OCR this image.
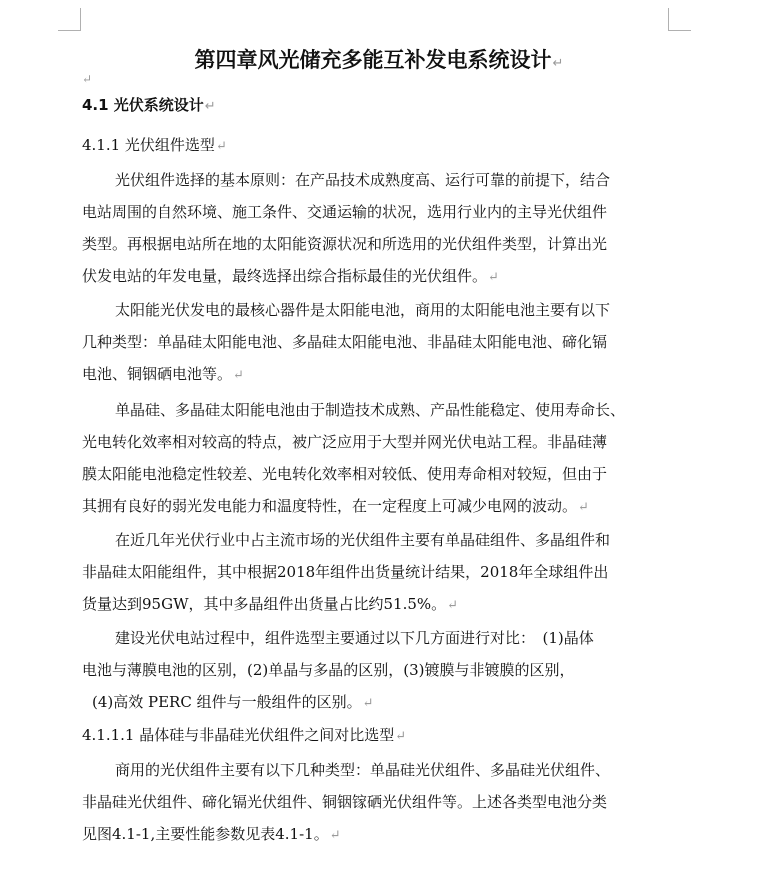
第四章风光储充多能互补发电系统设计↵
↵
4.1 光伏系统设计↵
4.1.1 光伏组件选型↵
光伏组件选择的基本原则：在产品技术成熟度高、运行可靠的前提下，结合
电站周围的自然环境、施工条件、交通运输的状况，选用行业内的主导光伏组件
类型。再根据电站所在地的太阳能资源状况和所选用的光伏组件类型，计算出光
伏发电站的年发电量，最终选择出综合指标最佳的光伏组件。↵
太阳能光伏发电的最核心器件是太阳能电池，商用的太阳能电池主要有以下
几种类型：单晶硅太阳能电池、多晶硅太阳能电池、非晶硅太阳能电池、碲化镉
电池、铜铟硒电池等。↵
单晶硅、多晶硅太阳能电池由于制造技术成熟、产品性能稳定、使用寿命长、
光电转化效率相对较高的特点，被广泛应用于大型并网光伏电站工程。非晶硅薄
膜太阳能电池稳定性较差、光电转化效率相对较低、使用寿命相对较短，但由于
其拥有良好的弱光发电能力和温度特性，在一定程度上可减少电网的波动。↵
在近几年光伏行业中占主流市场的光伏组件主要有单晶硅组件、多晶组件和
非晶硅太阳能组件，其中根据2018年组件出货量统计结果，2018年全球组件出
货量达到95GW，其中多晶组件出货量占比约51.5%。↵
建设光伏电站过程中，组件选型主要通过以下几方面进行对比：　(1)晶体
电池与薄膜电池的区别，(2)单晶与多晶的区别，(3)镀膜与非镀膜的区别，
(4)高效 PERC 组件与一般组件的区别。↵
4.1.1.1 晶体硅与非晶硅光伏组件之间对比选型↵
商用的光伏组件主要有以下几种类型：单晶硅光伏组件、多晶硅光伏组件、
非晶硅光伏组件、碲化镉光伏组件、铜铟镓硒光伏组件等。上述各类型电池分类
见图4.1-1,主要性能参数见表4.1-1。↵
